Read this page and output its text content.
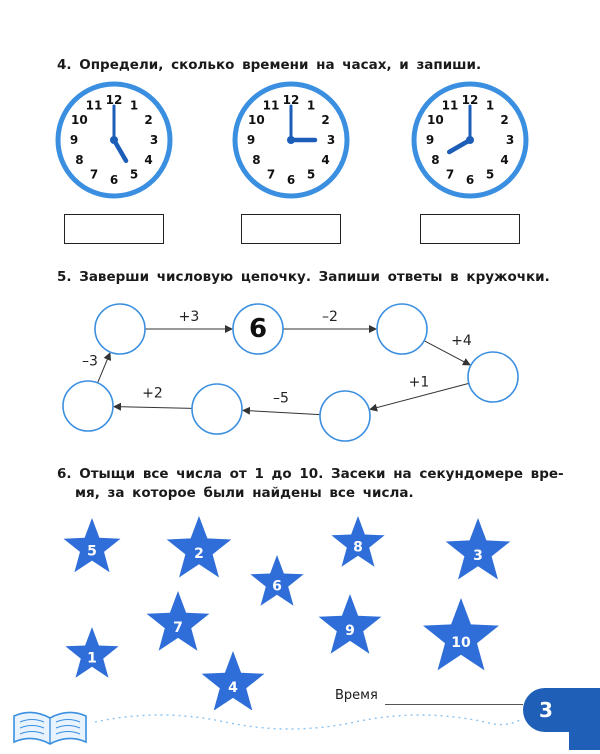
4. Определи, сколько времени на часах, и запиши.

12 1
2
3
4
5
6
7
8
9
10
11	12 1
2
3
4
5
6
7
8
9
10
11	12 1
2
3
4
5
6
7
8
9
10
11

5. Заверши числовую цепочку. Запиши ответы в кружочки.

6
+3	–2
+4
+1
–5
+2
–3

6. Отыщи все числа от 1 до 10. Засеки на секундомере вре-

мя, за которое были найдены все числа.

5	2
6
8
3
7	9
1
4
10
Время
3
